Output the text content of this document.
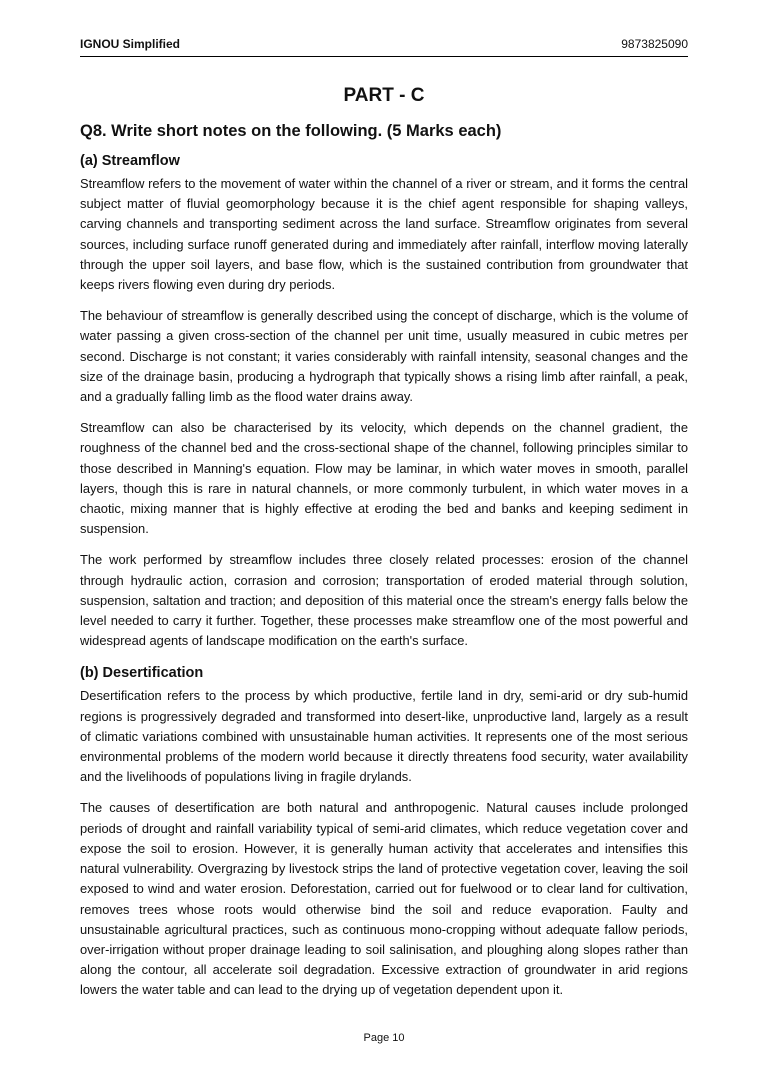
IGNOU Simplified	9873825090
PART - C
Q8. Write short notes on the following. (5 Marks each)
(a) Streamflow

Streamflow refers to the movement of water within the channel of a river or stream, and it forms the central subject matter of fluvial geomorphology because it is the chief agent responsible for shaping valleys, carving channels and transporting sediment across the land surface. Streamflow originates from several sources, including surface runoff generated during and immediately after rainfall, interflow moving laterally through the upper soil layers, and base flow, which is the sustained contribution from groundwater that keeps rivers flowing even during dry periods.

The behaviour of streamflow is generally described using the concept of discharge, which is the volume of water passing a given cross-section of the channel per unit time, usually measured in cubic metres per second. Discharge is not constant; it varies considerably with rainfall intensity, seasonal changes and the size of the drainage basin, producing a hydrograph that typically shows a rising limb after rainfall, a peak, and a gradually falling limb as the flood water drains away.

Streamflow can also be characterised by its velocity, which depends on the channel gradient, the roughness of the channel bed and the cross-sectional shape of the channel, following principles similar to those described in Manning's equation. Flow may be laminar, in which water moves in smooth, parallel layers, though this is rare in natural channels, or more commonly turbulent, in which water moves in a chaotic, mixing manner that is highly effective at eroding the bed and banks and keeping sediment in suspension.

The work performed by streamflow includes three closely related processes: erosion of the channel through hydraulic action, corrasion and corrosion; transportation of eroded material through solution, suspension, saltation and traction; and deposition of this material once the stream's energy falls below the level needed to carry it further. Together, these processes make streamflow one of the most powerful and widespread agents of landscape modification on the earth's surface.

(b) Desertification

Desertification refers to the process by which productive, fertile land in dry, semi-arid or dry sub-humid regions is progressively degraded and transformed into desert-like, unproductive land, largely as a result of climatic variations combined with unsustainable human activities. It represents one of the most serious environmental problems of the modern world because it directly threatens food security, water availability and the livelihoods of populations living in fragile drylands.

The causes of desertification are both natural and anthropogenic. Natural causes include prolonged periods of drought and rainfall variability typical of semi-arid climates, which reduce vegetation cover and expose the soil to erosion. However, it is generally human activity that accelerates and intensifies this natural vulnerability. Overgrazing by livestock strips the land of protective vegetation cover, leaving the soil exposed to wind and water erosion. Deforestation, carried out for fuelwood or to clear land for cultivation, removes trees whose roots would otherwise bind the soil and reduce evaporation. Faulty and unsustainable agricultural practices, such as continuous mono-cropping without adequate fallow periods, over-irrigation without proper drainage leading to soil salinisation, and ploughing along slopes rather than along the contour, all accelerate soil degradation. Excessive extraction of groundwater in arid regions lowers the water table and can lead to the drying up of vegetation dependent upon it.

Page 10
